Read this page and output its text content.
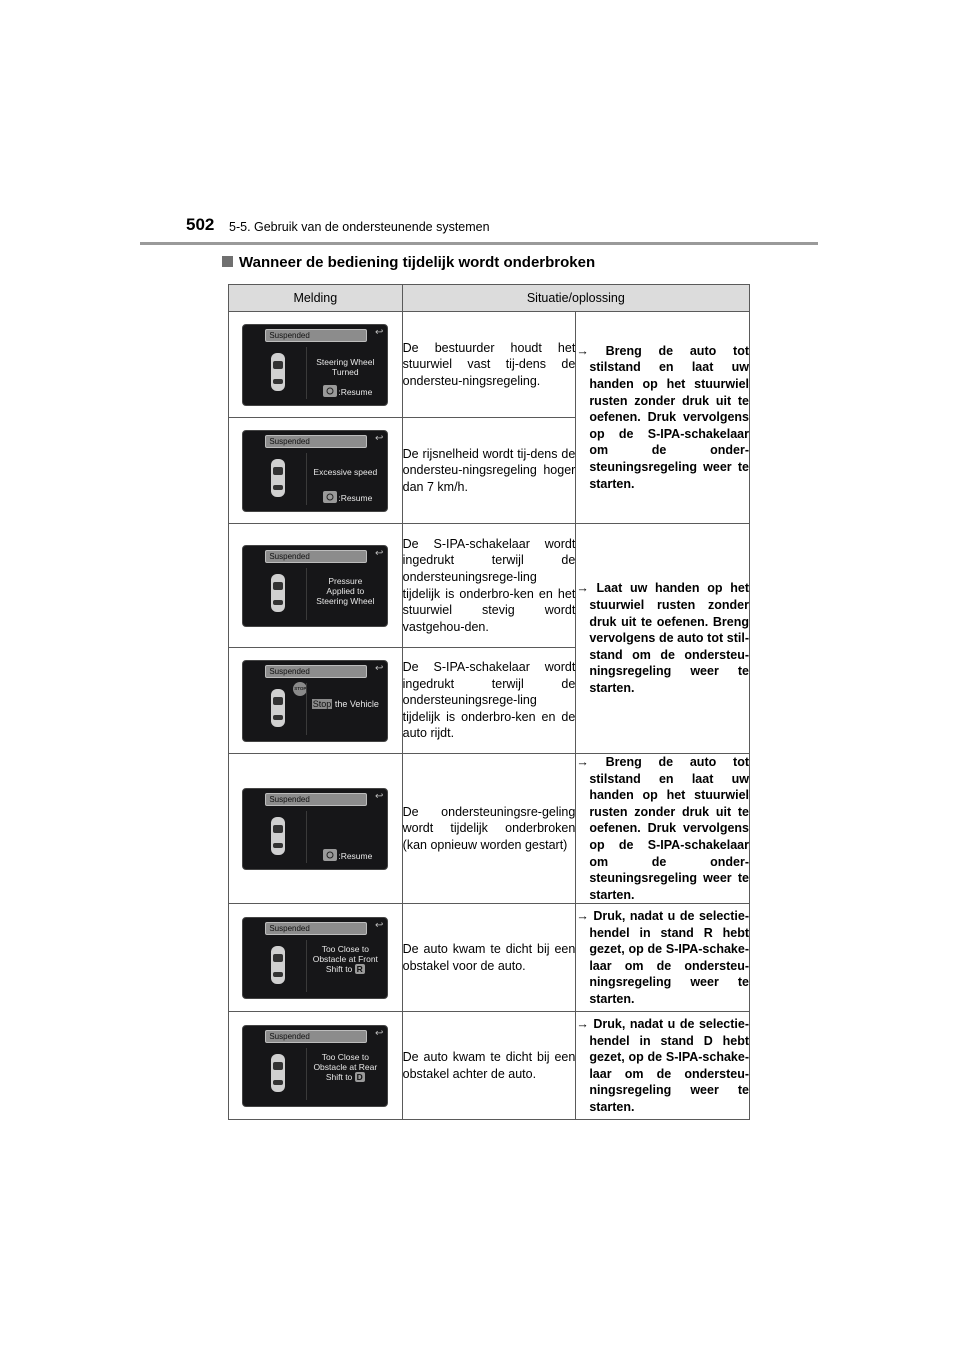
502 5-5. Gebruik van de ondersteunende systemen
Wanneer de bediening tijdelijk wordt onderbroken
Melding	Situatie/oplossing	

Suspended ↩
Steering Wheel
Turned
:Resume	De bestuurder houdt het stuurwiel vast tij-dens de ondersteu-ningsregeling.	→ Breng de auto tot stilstand en laat uw handen op het stuurwiel rusten zonder druk uit te oefenen. Druk vervolgens op de S-IPA-schakelaar om de onder-steuningsregeling weer te starten.

Suspended ↩
Excessive speed
:Resume	De rijsnelheid wordt tij-dens de ondersteu-ningsregeling hoger dan 7 km/h.	

Suspended ↩
Pressure
Applied to
Steering Wheel	De S-IPA-schakelaar wordt ingedrukt terwijl de ondersteuningsrege-ling tijdelijk is onderbro-ken en het stuurwiel stevig wordt vastgehou-den.	→ Laat uw handen op het stuurwiel rusten zonder druk uit te oefenen. Breng vervolgens de auto tot stil-stand om de ondersteu-ningsregeling weer te starten.

Suspended ↩
STOP
Stop the Vehicle	De S-IPA-schakelaar wordt ingedrukt terwijl de ondersteuningsrege-ling tijdelijk is onderbro-ken en de auto rijdt.	

Suspended ↩
:Resume	De ondersteuningsre-geling wordt tijdelijk onderbroken (kan opnieuw worden gestart)	→ Breng de auto tot stilstand en laat uw handen op het stuurwiel rusten zonder druk uit te oefenen. Druk vervolgens op de S-IPA-schakelaar om de onder-steuningsregeling weer te starten.

Suspended ↩
Too Close to
Obstacle at Front
Shift to R	De auto kwam te dicht bij een obstakel voor de auto.	→ Druk, nadat u de selectie-hendel in stand R hebt gezet, op de S-IPA-schake-laar om de ondersteu-ningsregeling weer te starten.

Suspended ↩
Too Close to
Obstacle at Rear
Shift to D	De auto kwam te dicht bij een obstakel achter de auto.	→ Druk, nadat u de selectie-hendel in stand D hebt gezet, op de S-IPA-schake-laar om de ondersteu-ningsregeling weer te starten.
